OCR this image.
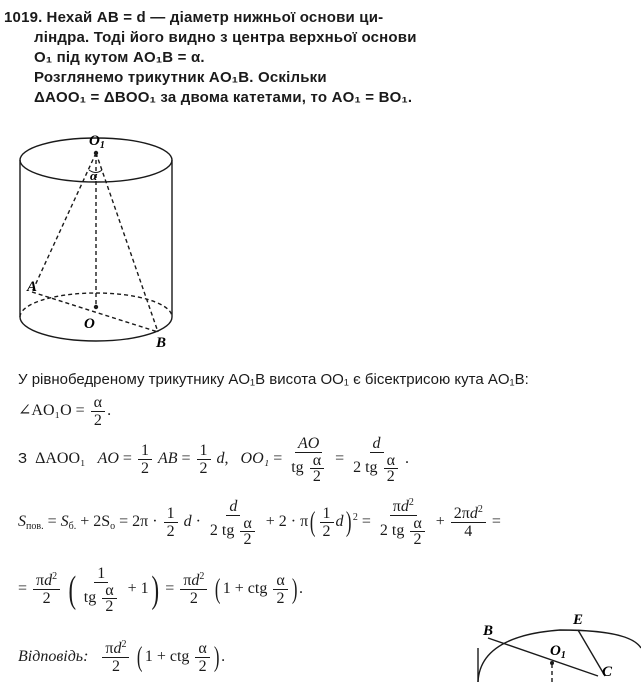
1019. Нехай AB = d — діаметр нижньої основи ци-
ліндра. Тоді його видно з центра верхньої основи
O₁ під кутом AO₁B = α.
Розглянемо трикутник AO₁B. Оскільки
ΔAOO₁ = ΔBOO₁ за двома катетами, то AO₁ = BO₁.
$O_1$
α
A
O
B
У рівнобедреному трикутнику AO₁B висота OO₁ є бісектрисою кута AO₁B:
∠AO₁O = $\frac{\alpha}{2}$ .
З ΔAOO₁ AO = $\frac{1}{2}$ AB = $\frac{1}{2} d$,   $OO_1 = \frac{AO}{tg \frac{\alpha}{2}} = \frac{d}{2 tg \frac{\alpha}{2}}$ .
$S_{пов.} = S_{б.} + 2S_о = 2\pi \cdot \frac{1}{2}$ $d \cdot \frac{d}{2 tg \frac{\alpha}{2}} + 2 \cdot \pi( \frac{1}{2} d) ^2 = \frac{\pi d^2}{2 tg \frac{\alpha}{2}} + \frac{2\pi d^2}{4}$ =
= $\frac{\pi d^2}{2}$ ( $\frac{1}{tg \frac{\alpha}{2}} + 1) = \frac{\pi d^2}{2}$ ( 1 + ctg $\frac{\alpha}{2}$ ) .
Відповідь: $\frac{\pi d^2}{2}$ ( 1 + ctg $\frac{\alpha}{2}$ ) .
B
E
$O_1$
C
